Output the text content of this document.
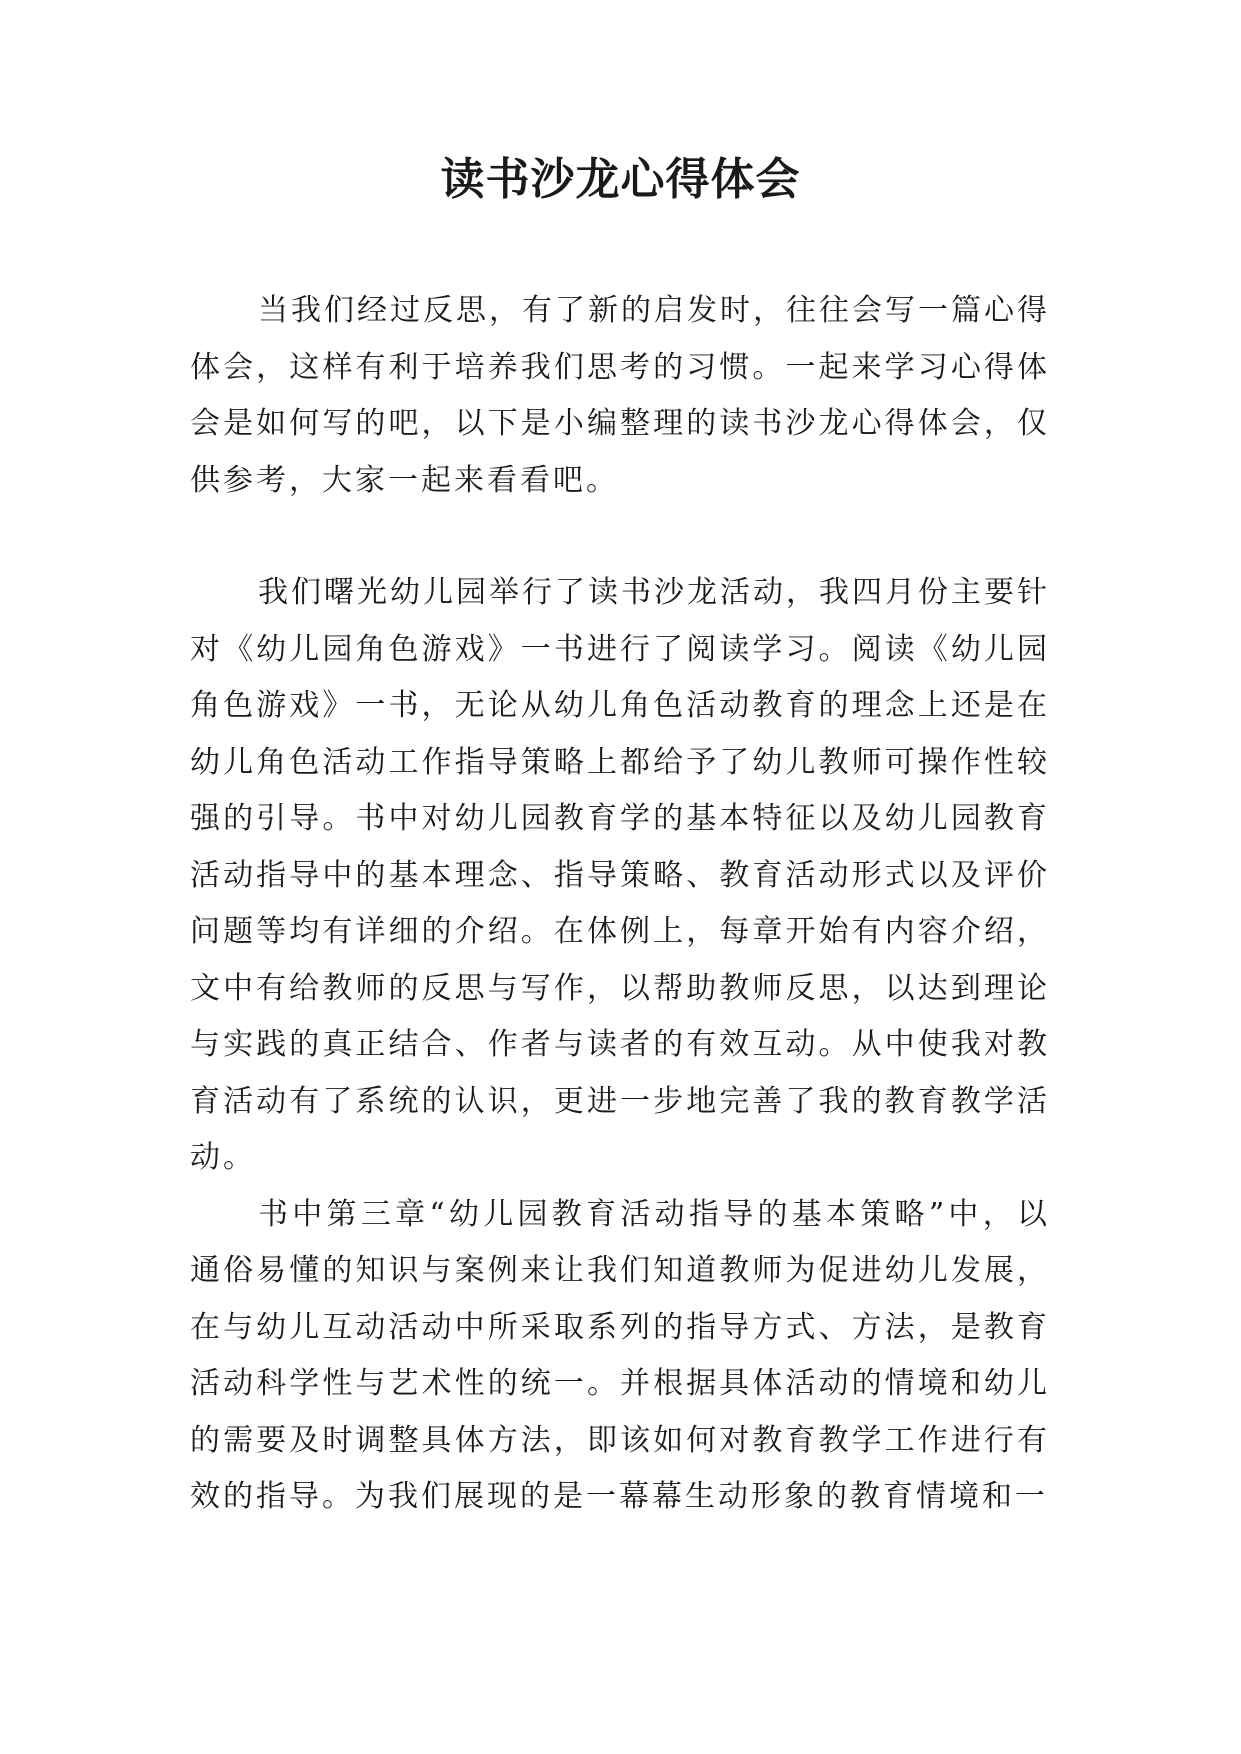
读书沙龙心得体会

当我们经过反思，有了新的启发时，往往会写一篇心得体会，这样有利于培养我们思考的习惯。一起来学习心得体会是如何写的吧，以下是小编整理的读书沙龙心得体会，仅供参考，大家一起来看看吧。

我们曙光幼儿园举行了读书沙龙活动，我四月份主要针对《幼儿园角色游戏》一书进行了阅读学习。阅读《幼儿园角色游戏》一书，无论从幼儿角色活动教育的理念上还是在幼儿角色活动工作指导策略上都给予了幼儿教师可操作性较强的引导。书中对幼儿园教育学的基本特征以及幼儿园教育活动指导中的基本理念、指导策略、教育活动形式以及评价问题等均有详细的介绍。在体例上，每章开始有内容介绍，文中有给教师的反思与写作，以帮助教师反思，以达到理论与实践的真正结合、作者与读者的有效互动。从中使我对教育活动有了系统的认识，更进一步地完善了我的教育教学活动。

书中第三章“幼儿园教育活动指导的基本策略”中，以通俗易懂的知识与案例来让我们知道教师为促进幼儿发展，在与幼儿互动活动中所采取系列的指导方式、方法，是教育活动科学性与艺术性的统一。并根据具体活动的情境和幼儿的需要及时调整具体方法，即该如何对教育教学工作进行有效的指导。为我们展现的是一幕幕生动形象的教育情境和一
